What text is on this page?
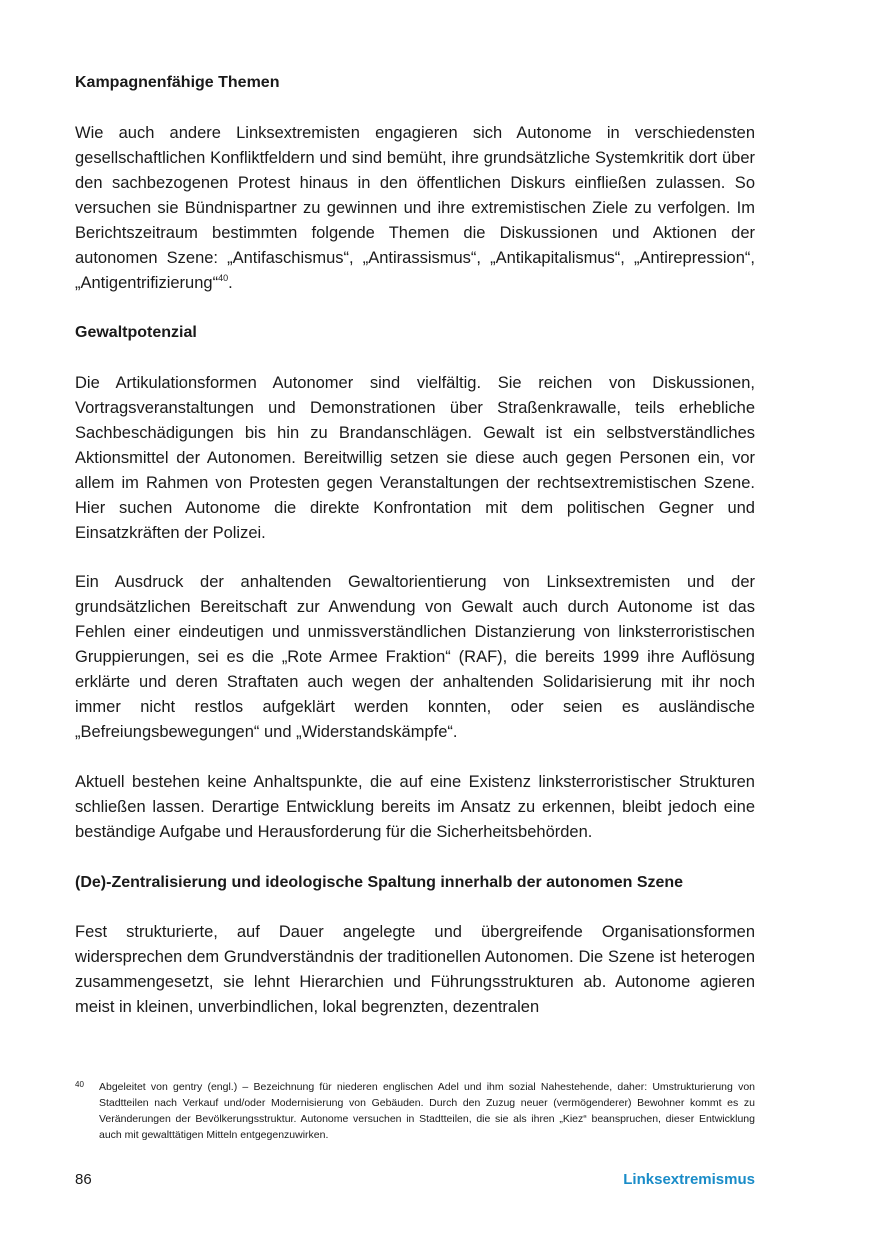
Kampagnenfähige Themen

Wie auch andere Linksextremisten engagieren sich Autonome in verschiedensten gesellschaftlichen Konfliktfeldern und sind bemüht, ihre grundsätzliche Systemkritik dort über den sachbezogenen Protest hinaus in den öffentlichen Diskurs einfließen zulassen. So versuchen sie Bündnispartner zu gewinnen und ihre extremistischen Ziele zu verfolgen. Im Berichtszeitraum bestimmten folgende Themen die Diskussionen und Aktionen der autonomen Szene: „Antifaschismus“, „Antirassismus“, „Antikapitalismus“, „Antirepression“, „Antigentrifizierung“$^{40}$.

Gewaltpotenzial

Die Artikulationsformen Autonomer sind vielfältig. Sie reichen von Diskussionen, Vortragsveranstaltungen und Demonstrationen über Straßenkrawalle, teils erhebliche Sachbeschädigungen bis hin zu Brandanschlägen. Gewalt ist ein selbstverständliches Aktionsmittel der Autonomen. Bereitwillig setzen sie diese auch gegen Personen ein, vor allem im Rahmen von Protesten gegen Veranstaltungen der rechtsextremistischen Szene. Hier suchen Autonome die direkte Konfrontation mit dem politischen Gegner und Einsatzkräften der Polizei.

Ein Ausdruck der anhaltenden Gewaltorientierung von Linksextremisten und der grundsätzlichen Bereitschaft zur Anwendung von Gewalt auch durch Autonome ist das Fehlen einer eindeutigen und unmissverständlichen Distanzierung von linksterroristischen Gruppierungen, sei es die „Rote Armee Fraktion“ (RAF), die bereits 1999 ihre Auflösung erklärte und deren Straftaten auch wegen der anhaltenden Solidarisierung mit ihr noch immer nicht restlos aufgeklärt werden konnten, oder seien es ausländische „Befreiungsbewegungen“ und „Widerstandskämpfe“.

Aktuell bestehen keine Anhaltspunkte, die auf eine Existenz linksterroristischer Strukturen schließen lassen. Derartige Entwicklung bereits im Ansatz zu erkennen, bleibt jedoch eine beständige Aufgabe und Herausforderung für die Sicherheitsbehörden.

(De)-Zentralisierung und ideologische Spaltung innerhalb der autonomen Szene

Fest strukturierte, auf Dauer angelegte und übergreifende Organisationsformen widersprechen dem Grundverständnis der traditionellen Autonomen. Die Szene ist heterogen zusammengesetzt, sie lehnt Hierarchien und Führungsstrukturen ab. Autonome agieren meist in kleinen, unverbindlichen, lokal begrenzten, dezentralen

40 Abgeleitet von gentry (engl.) – Bezeichnung für niederen englischen Adel und ihm sozial Nahestehende, daher: Umstrukturierung von Stadtteilen nach Verkauf und/oder Modernisierung von Gebäuden. Durch den Zuzug neuer (vermögenderer) Bewohner kommt es zu Veränderungen der Bevölkerungsstruktur. Autonome versuchen in Stadtteilen, die sie als ihren „Kiez“ beanspruchen, dieser Entwicklung auch mit gewalttätigen Mitteln entgegenzuwirken.
86	Linksextremismus
